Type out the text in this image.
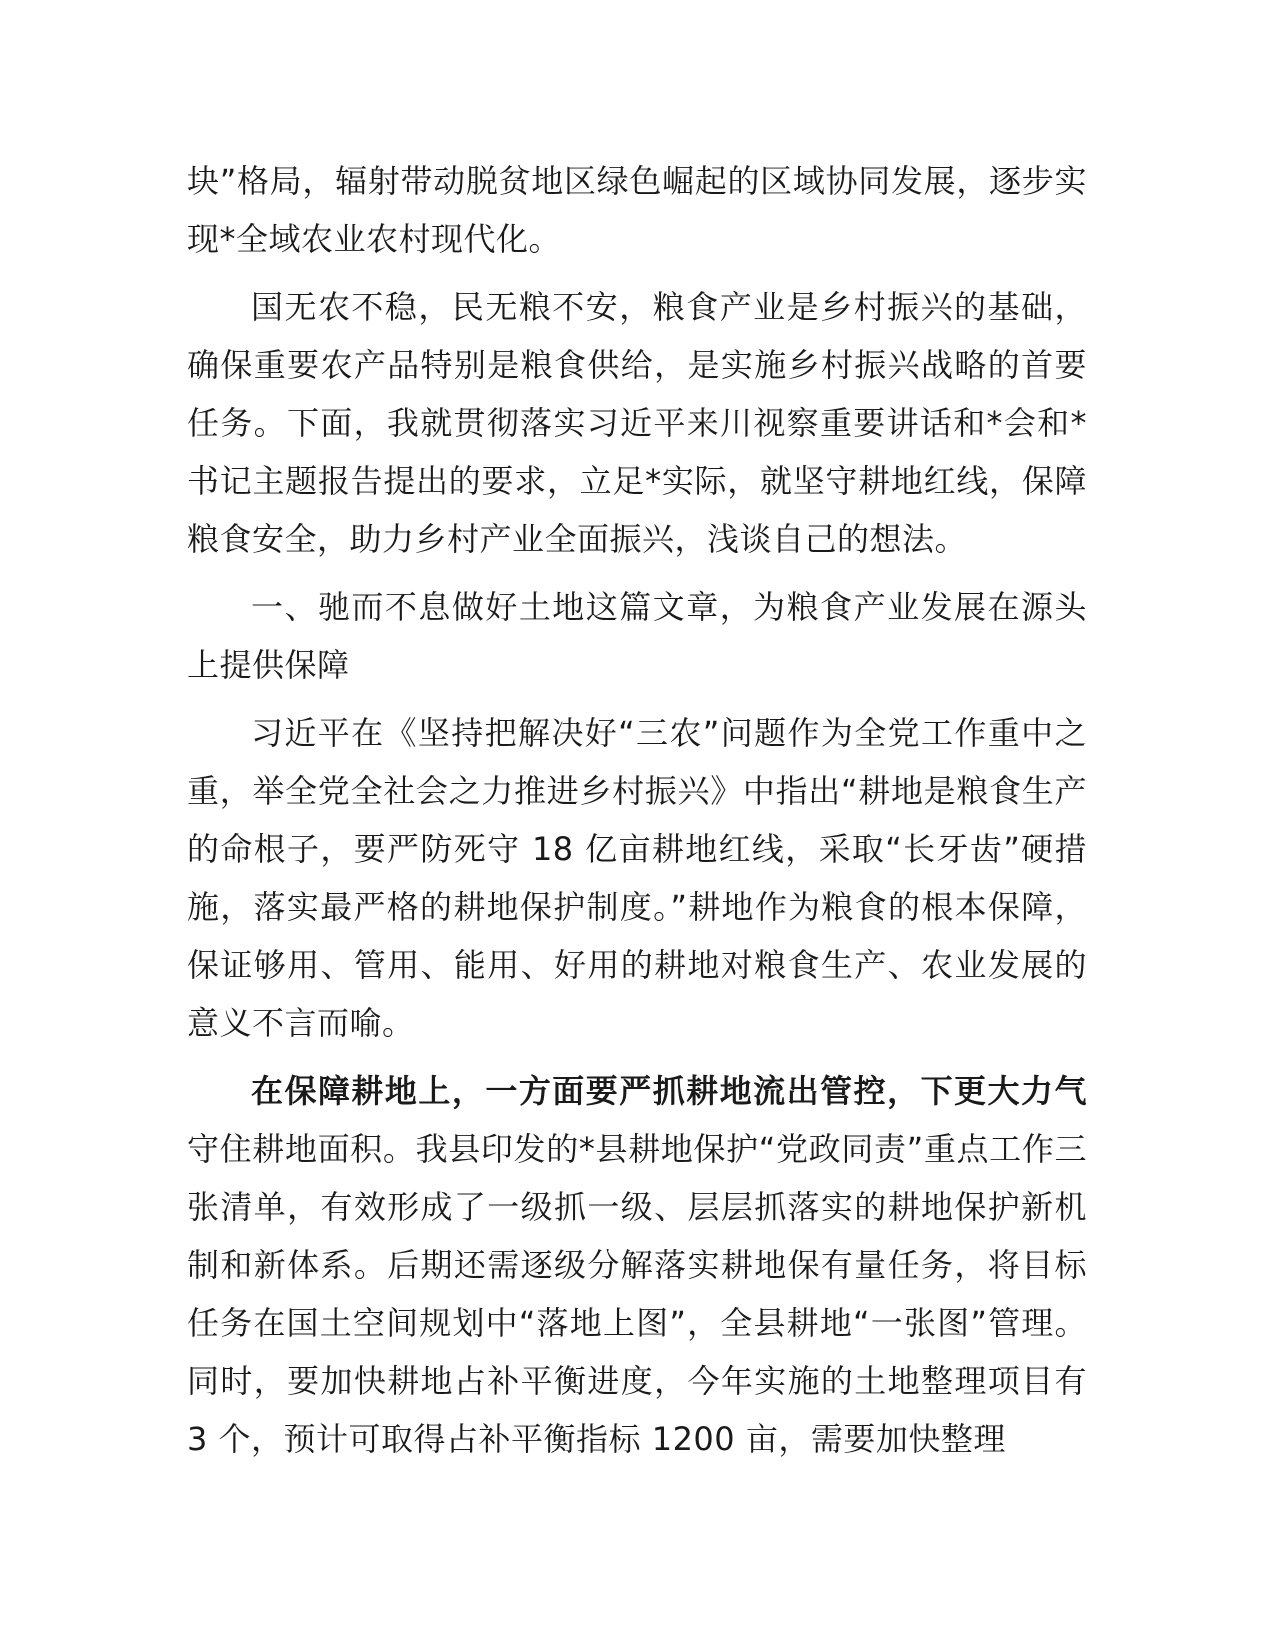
块”格局，辐射带动脱贫地区绿色崛起的区域协同发展，逐步实现*全域农业农村现代化。

国无农不稳，民无粮不安，粮食产业是乡村振兴的基础，确保重要农产品特别是粮食供给，是实施乡村振兴战略的首要任务。下面，我就贯彻落实习近平来川视察重要讲话和*会和*书记主题报告提出的要求，立足*实际，就坚守耕地红线，保障粮食安全，助力乡村产业全面振兴，浅谈自己的想法。

一、驰而不息做好土地这篇文章，为粮食产业发展在源头上提供保障

习近平在《坚持把解决好“三农”问题作为全党工作重中之重，举全党全社会之力推进乡村振兴》中指出“耕地是粮食生产的命根子，要严防死守 18 亿亩耕地红线，采取“长牙齿”硬措施，落实最严格的耕地保护制度。”耕地作为粮食的根本保障，保证够用、管用、能用、好用的耕地对粮食生产、农业发展的意义不言而喻。

在保障耕地上，一方面要严抓耕地流出管控，下更大力气守住耕地面积。我县印发的*县耕地保护“党政同责”重点工作三张清单，有效形成了一级抓一级、层层抓落实的耕地保护新机制和新体系。后期还需逐级分解落实耕地保有量任务，将目标任务在国土空间规划中“落地上图”，全县耕地“一张图”管理。同时，要加快耕地占补平衡进度，今年实施的土地整理项目有 3 个，预计可取得占补平衡指标 1200 亩，需要加快整理
